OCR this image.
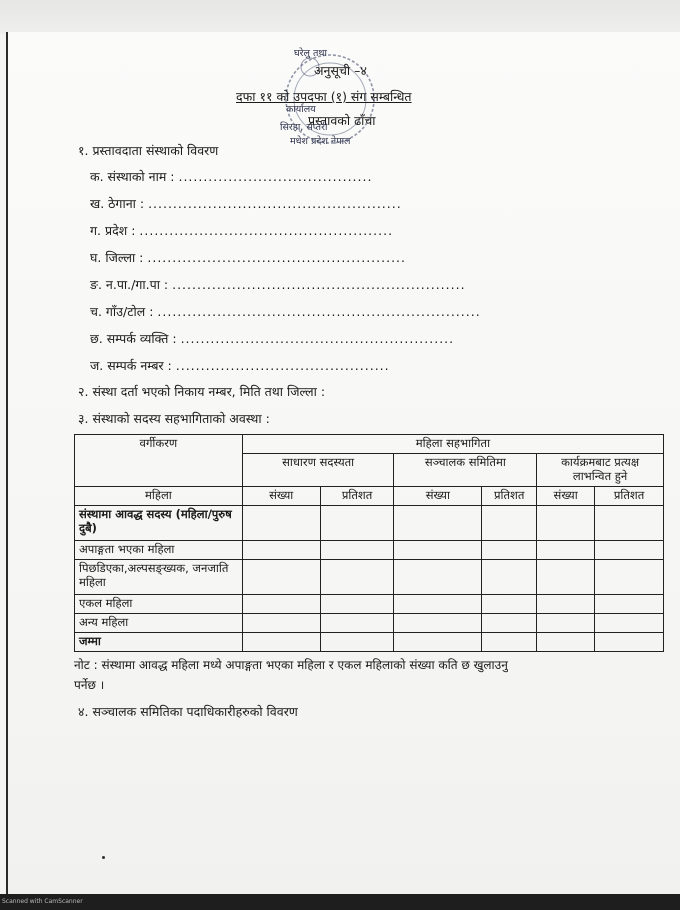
घरेलु तथा
कार्यालय
सिरहा, सप्तरी
मधेश प्रदेश नेपाल
अनुसूची –४
दफा ११ को उपदफा (१) संग सम्बन्धित
प्रस्तावको ढाँचा
१. प्रस्तावदाता संस्थाको विवरण
क. संस्थाको नाम : .......................................
ख. ठेगाना : ...................................................
ग. प्रदेश : ...................................................
घ. जिल्ला : ....................................................
ङ. न.पा./गा.पा : ...........................................................
च. गाँउ/टोल : .................................................................
छ. सम्पर्क व्यक्ति : .......................................................
ज. सम्पर्क नम्बर : ...........................................
२. संस्था दर्ता भएको निकाय नम्बर, मिति तथा जिल्ला :
३. संस्थाको सदस्य सहभागिताको अवस्था :
वर्गीकरण	महिला सहभागिता					
	साधारण सदस्यता		सञ्चालक समितिमा		कार्यक्रमबाट प्रत्यक्ष लाभन्वित हुने	

महिला	संख्या	प्रतिशत	संख्या	प्रतिशत	संख्या	प्रतिशत
संस्थामा आवद्ध सदस्य (महिला/पुरुष दुबै)						
अपाङ्गता भएका महिला						
पिछडिएका,अल्पसङ्ख्यक, जनजाति महिला						
एकल महिला						
अन्य महिला						
जम्मा						
नोट : संस्थामा आवद्ध महिला मध्ये अपाङ्गता भएका महिला र एकल महिलाको संख्या कति छ खुलाउनु
पर्नेछ ।
४. सञ्चालक समितिका पदाधिकारीहरुको विवरण
Scanned with CamScanner
